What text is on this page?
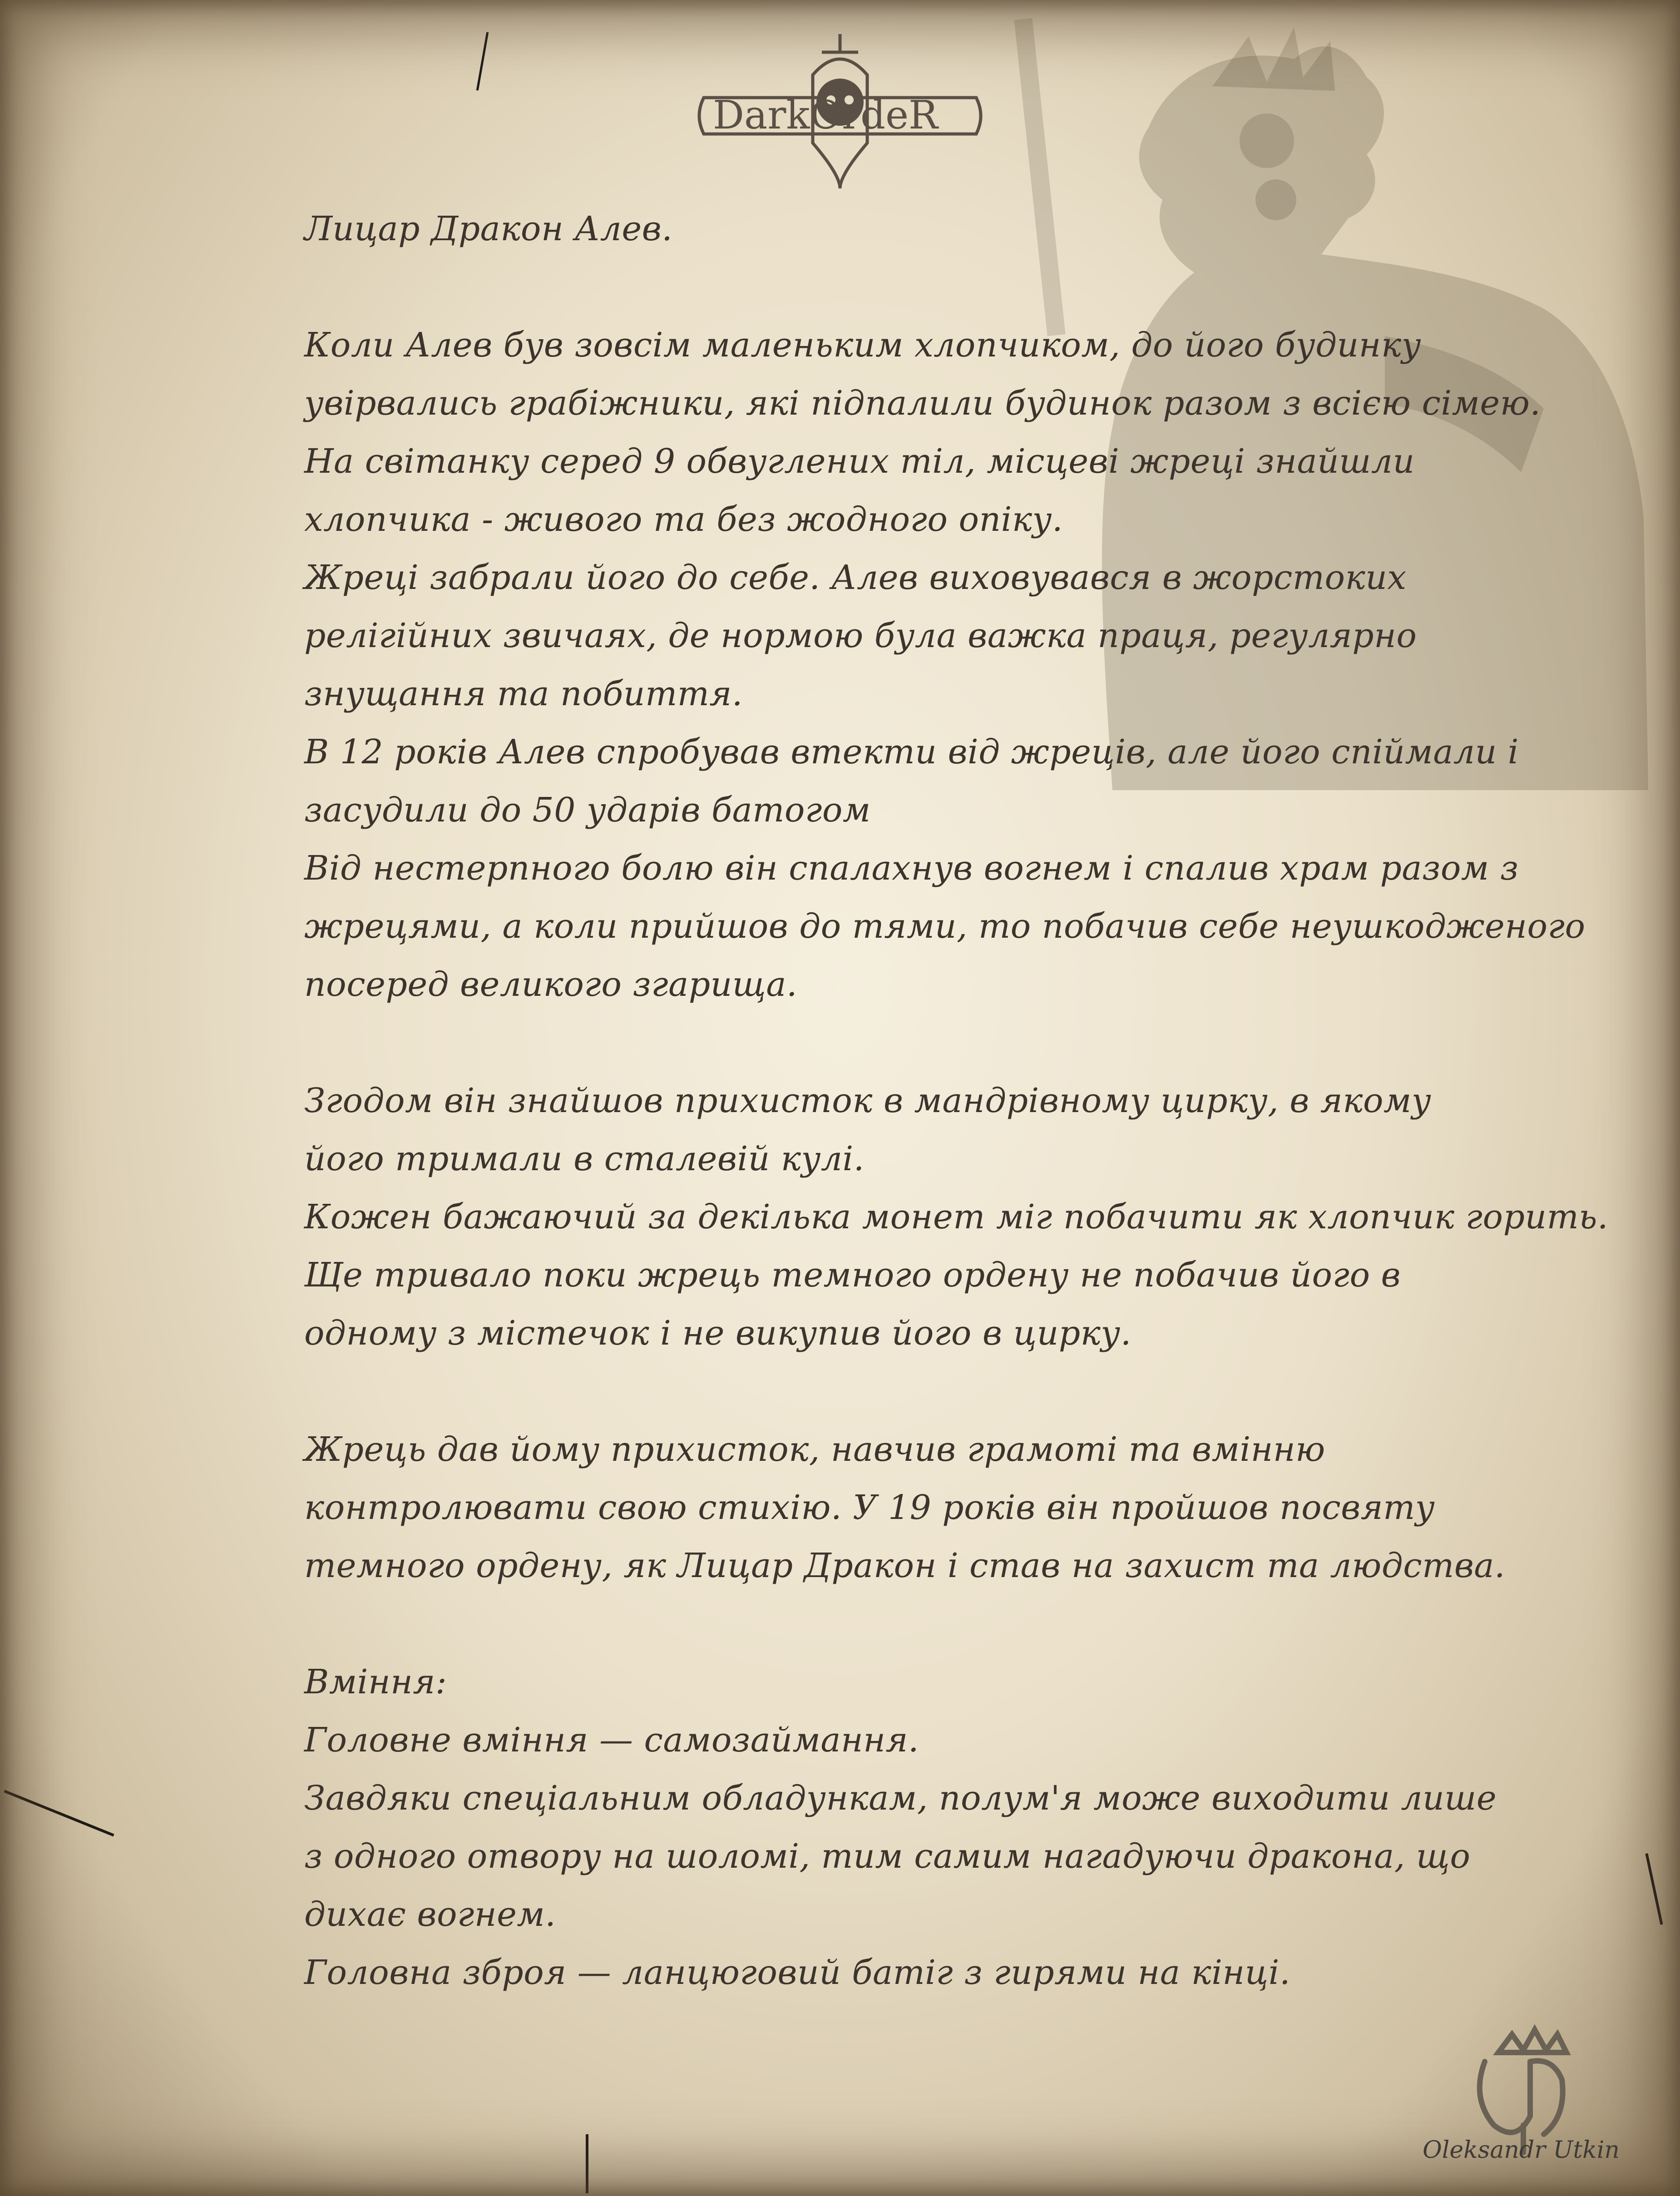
DarkOrdeR
Лицар Дракон Алев.
Коли Алев був зовсім маленьким хлопчиком, до його будинку
увірвались грабіжники, які підпалили будинок разом з всією сімею.
На світанку серед 9 обвуглених тіл, місцеві жреці знайшли
хлопчика - живого та без жодного опіку.
Жреці забрали його до себе. Алев виховувався в жорстоких
релігійних звичаях, де нормою була важка праця, регулярно
знущання та побиття.
В 12 років Алев спробував втекти від жреців, але його спіймали і
засудили до 50 ударів батогом
Від нестерпного болю він спалахнув вогнем і спалив храм разом з
жрецями, а коли прийшов до тями, то побачив себе неушкодженого
посеред великого згарища.
Згодом він знайшов прихисток в мандрівному цирку, в якому
його тримали в сталевій кулі.
Кожен бажаючий за декілька монет міг побачити як хлопчик горить.
Ще тривало поки жрець темного ордену не побачив його в
одному з містечок і не викупив його в цирку.
Жрець дав йому прихисток, навчив грамоті та вмінню
контролювати свою стихію. У 19 років він пройшов посвяту
темного ордену, як Лицар Дракон і став на захист та людства.
Вміння:
Головне вміння — самозаймання.
Завдяки спеціальним обладункам, полум'я може виходити лише
з одного отвору на шоломі, тим самим нагадуючи дракона, що
дихає вогнем.
Головна зброя — ланцюговий батіг з гирями на кінці.
Oleksandr Utkin
